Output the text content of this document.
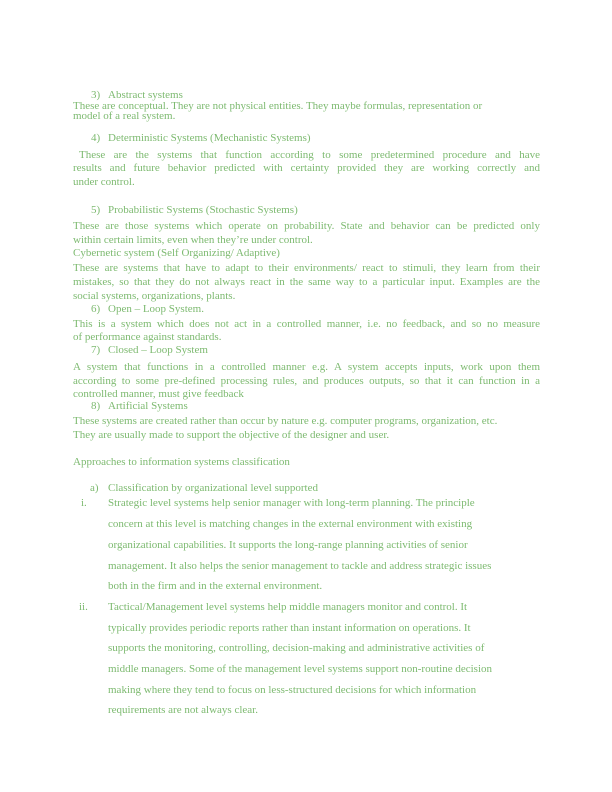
3) Abstract systems
These are conceptual. They are not physical entities. They maybe formulas, representation or
model of a real system.
4) Deterministic Systems (Mechanistic Systems)
These are the systems that function according to some predetermined procedure and have
results and future behavior predicted with certainty provided they are working correctly and
under control.
5) Probabilistic Systems (Stochastic Systems)
These are those systems which operate on probability. State and behavior can be predicted only
within certain limits, even when they’re under control.
Cybernetic system (Self Organizing/ Adaptive)
These are systems that have to adapt to their environments/ react to stimuli, they learn from their
mistakes, so that they do not always react in the same way to a particular input. Examples are the
social systems, organizations, plants.
6) Open – Loop System.
This is a system which does not act in a controlled manner, i.e. no feedback, and so no measure
of performance against standards.
7) Closed – Loop System
A system that functions in a controlled manner e.g. A system accepts inputs, work upon them
according to some pre-defined processing rules, and produces outputs, so that it can function in a
controlled manner, must give feedback
8) Artificial Systems
These systems are created rather than occur by nature e.g. computer programs, organization, etc.
They are usually made to support the objective of the designer and user.
Approaches to information systems classification
a) Classification by organizational level supported
i. Strategic level systems help senior manager with long-term planning. The principle
concern at this level is matching changes in the external environment with existing
organizational capabilities. It supports the long-range planning activities of senior
management. It also helps the senior management to tackle and address strategic issues
both in the firm and in the external environment.
ii. Tactical/Management level systems help middle managers monitor and control. It
typically provides periodic reports rather than instant information on operations. It
supports the monitoring, controlling, decision-making and administrative activities of
middle managers. Some of the management level systems support non-routine decision
making where they tend to focus on less-structured decisions for which information
requirements are not always clear.
